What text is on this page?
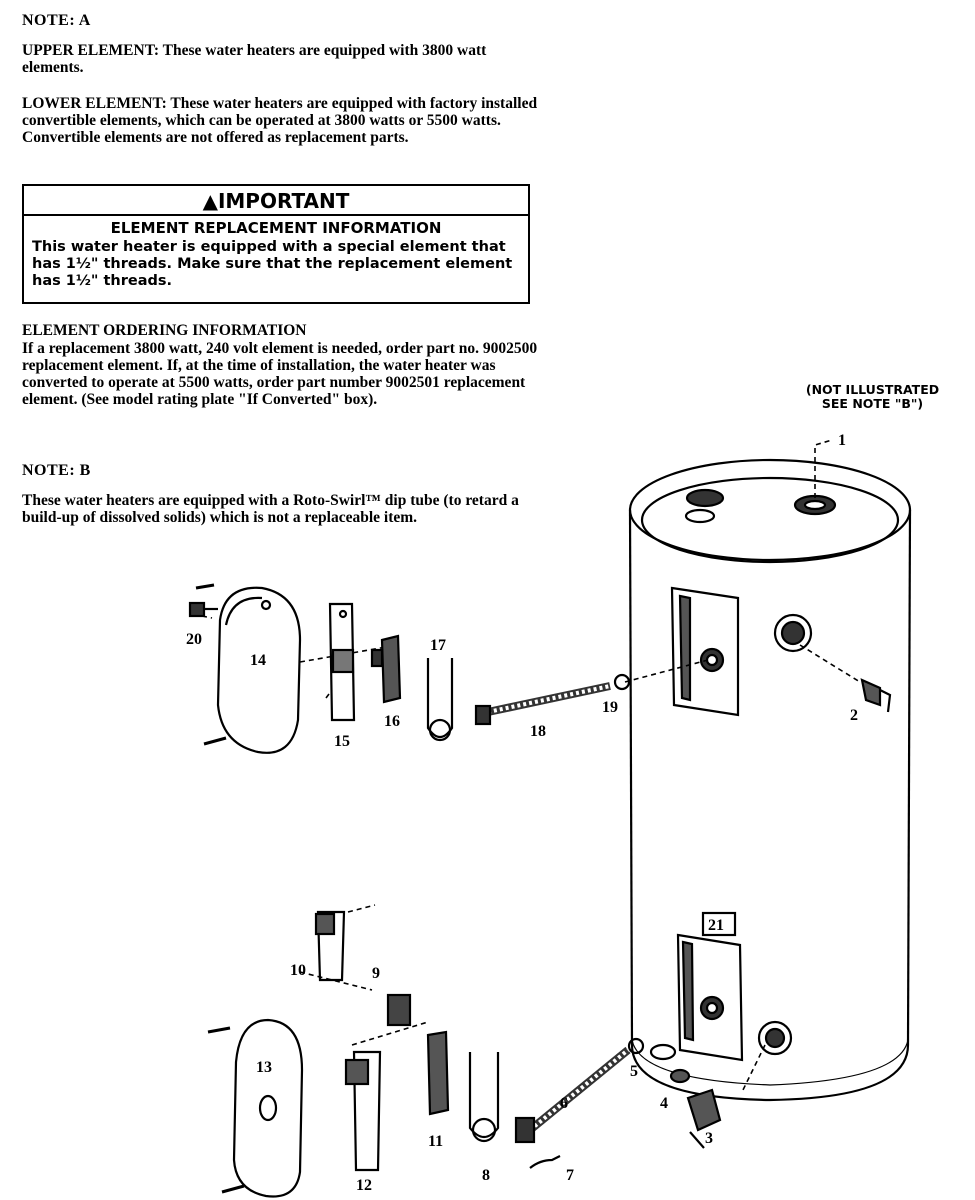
NOTE: A
UPPER ELEMENT: These water heaters are equipped with 3800 watt elements.
LOWER ELEMENT: These water heaters are equipped with factory installed convertible elements, which can be operated at 3800 watts or 5500 watts. Convertible elements are not offered as replacement parts.
▲IMPORTANT
ELEMENT REPLACEMENT INFORMATION
This water heater is equipped with a special element that has 1½" threads. Make sure that the replacement element has 1½" threads.
ELEMENT ORDERING INFORMATION
If a replacement 3800 watt, 240 volt element is needed, order part no. 9002500 replacement element. If, at the time of installation, the water heater was converted to operate at 5500 watts, order part number 9002501 replacement element. (See model rating plate "If Converted" box).
NOTE: B
These water heaters are equipped with a Roto-Swirl™ dip tube (to retard a build-up of dissolved solids) which is not a replaceable item.
(NOT ILLUSTRATED
SEE NOTE "B")
1
2
3
4
5
6
7
8
9
10
11
12
13
14
15
16
17
18
19
20
21
